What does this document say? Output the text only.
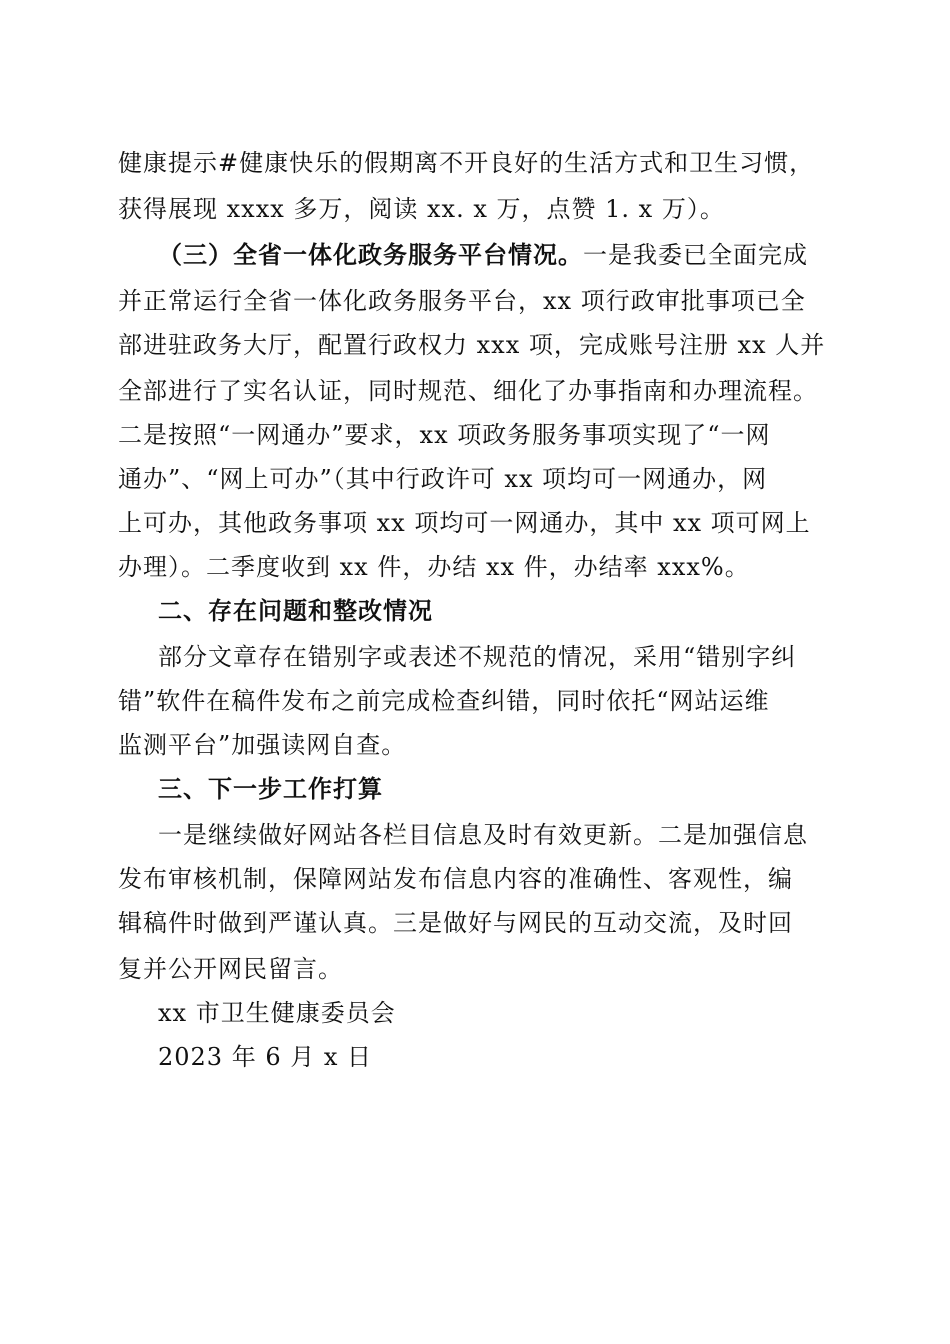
健康提示#健康快乐的假期离不开良好的生活方式和卫生习惯，
获得展现 xxxx 多万，阅读 xx. x 万，点赞 1. x 万）。
（三）全省一体化政务服务平台情况。一是我委已全面完成
并正常运行全省一体化政务服务平台，xx 项行政审批事项已全
部进驻政务大厅，配置行政权力 xxx 项，完成账号注册 xx 人并
全部进行了实名认证，同时规范、细化了办事指南和办理流程。
二是按照“一网通办”要求，xx 项政务服务事项实现了“一网
通办”、“网上可办”（其中行政许可 xx 项均可一网通办，网
上可办，其他政务事项 xx 项均可一网通办，其中 xx 项可网上
办理）。二季度收到 xx 件，办结 xx 件，办结率 xxx%。
二、存在问题和整改情况
部分文章存在错别字或表述不规范的情况，采用“错别字纠
错”软件在稿件发布之前完成检查纠错，同时依托“网站运维
监测平台”加强读网自查。
三、下一步工作打算
一是继续做好网站各栏目信息及时有效更新。二是加强信息
发布审核机制，保障网站发布信息内容的准确性、客观性，编
辑稿件时做到严谨认真。三是做好与网民的互动交流，及时回
复并公开网民留言。
xx 市卫生健康委员会
2023 年 6 月 x 日
